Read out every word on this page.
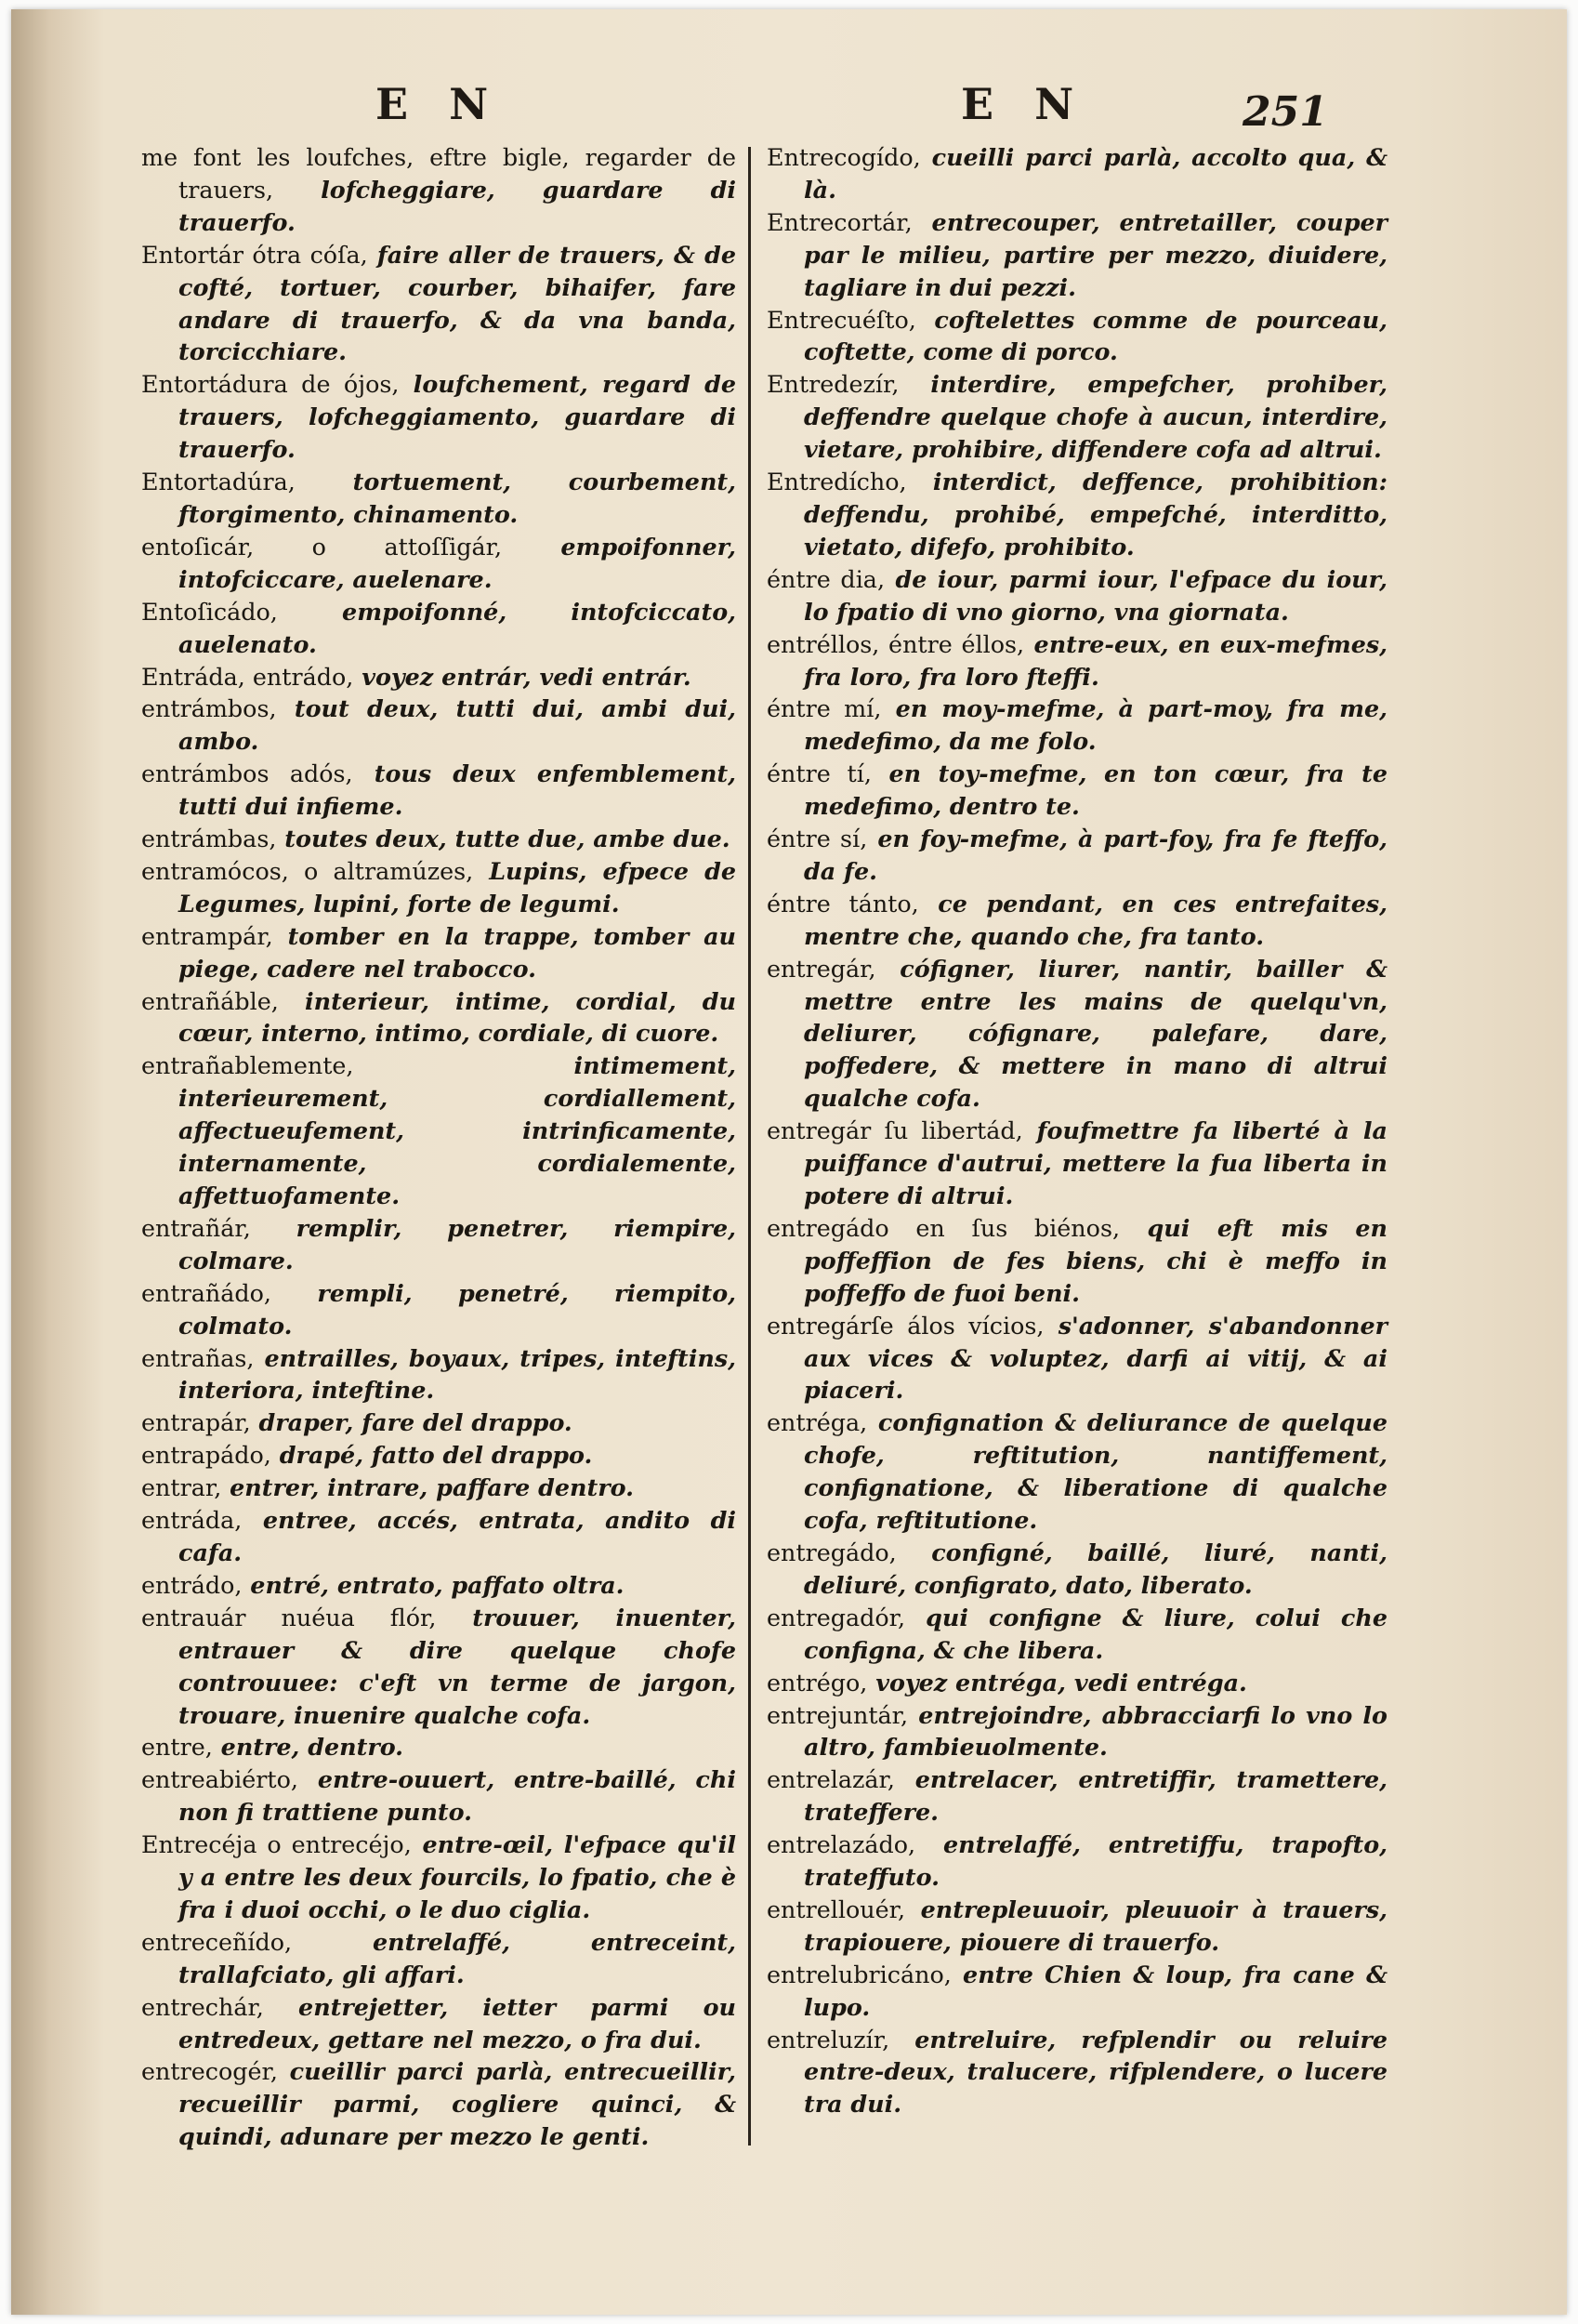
E N	E N	251
me font les loufches, eftre bigle, regarder de trauers, lofcheggiare, guardare di trauerfo.
Entortár ótra cóſa, faire aller de trauers, & de cofté, tortuer, courber, bihaifer, fare andare di trauerfo, & da vna banda, torcicchiare.
Entortádura de ójos, loufchement, regard de trauers, lofcheggiamento, guardare di trauerfo.
Entortadúra, tortuement, courbement, ftorgimento, chinamento.
entoſicár, o attoſſigár, empoifonner, intofciccare, auelenare.
Entoſicádo, empoifonné, intofciccato, auelenato.
Entráda, entrádo, voyez entrár, vedi entrár.
entrámbos, tout deux, tutti dui, ambi dui, ambo.
entrámbos adós, tous deux enfemblement, tutti dui infieme.
entrámbas, toutes deux, tutte due, ambe due.
entramócos, o altramúzes, Lupins, efpece de Legumes, lupini, forte de legumi.
entrampár, tomber en la trappe, tomber au piege, cadere nel trabocco.
entrañáble, interieur, intime, cordial, du cœur, interno, intimo, cordiale, di cuore.
entrañablemente, intimement, interieurement, cordiallement, affectueufement, intrinficamente, internamente, cordialemente, affettuofamente.
entrañár, remplir, penetrer, riempire, colmare.
entrañádo, rempli, penetré, riempito, colmato.
entrañas, entrailles, boyaux, tripes, inteftins, interiora, inteftine.
entrapár, draper, fare del drappo.
entrapádo, drapé, fatto del drappo.
entrar, entrer, intrare, paffare dentro.
entráda, entree, accés, entrata, andito di cafa.
entrádo, entré, entrato, paffato oltra.
entrauár nuéua flór, trouuer, inuenter, entrauer & dire quelque chofe controuuee: c'eft vn terme de jargon, trouare, inuenire qualche cofa.
entre, entre, dentro.
entreabiérto, entre-ouuert, entre-baillé, chi non fi trattiene punto.
Entrecéja o entrecéjo, entre-œil, l'efpace qu'il y a entre les deux fourcils, lo fpatio, che è fra i duoi occhi, o le duo ciglia.
entreceñído, entrelaffé, entreceint, trallafciato, gli affari.
entrechár, entrejetter, ietter parmi ou entredeux, gettare nel mezzo, o fra dui.
entrecogér, cueillir parci parlà, entrecueillir, recueillir parmi, cogliere quinci, & quindi, adunare per mezzo le genti.
Entrecogído, cueilli parci parlà, accolto qua, & là.
Entrecortár, entrecouper, entretailler, couper par le milieu, partire per mezzo, diuidere, tagliare in dui pezzi.
Entrecuéſto, coftelettes comme de pourceau, coftette, come di porco.
Entredezír, interdire, empefcher, prohiber, deffendre quelque chofe à aucun, interdire, vietare, prohibire, diffendere cofa ad altrui.
Entredícho, interdict, deffence, prohibition: deffendu, prohibé, empefché, interditto, vietato, difefo, prohibito.
éntre dia, de iour, parmi iour, l'efpace du iour, lo fpatio di vno giorno, vna giornata.
entréllos, éntre éllos, entre-eux, en eux-mefmes, fra loro, fra loro fteffi.
éntre mí, en moy-mefme, à part-moy, fra me, medefimo, da me folo.
éntre tí, en toy-mefme, en ton cœur, fra te medefimo, dentro te.
éntre sí, en foy-mefme, à part-foy, fra fe fteffo, da fe.
éntre tánto, ce pendant, en ces entrefaites, mentre che, quando che, fra tanto.
entregár, cófigner, liurer, nantir, bailler & mettre entre les mains de quelqu'vn, deliurer, cófignare, palefare, dare, poffedere, & mettere in mano di altrui qualche cofa.
entregár ſu libertád, foufmettre fa liberté à la puiffance d'autrui, mettere la fua liberta in potere di altrui.
entregádo en ſus biénos, qui eft mis en poffeffion de fes biens, chi è meffo in poffeffo de fuoi beni.
entregárſe álos vícios, s'adonner, s'abandonner aux vices & voluptez, darfi ai vitij, & ai piaceri.
entréga, confignation & deliurance de quelque chofe, reftitution, nantiffement, confignatione, & liberatione di qualche cofa, reftitutione.
entregádo, configné, baillé, liuré, nanti, deliuré, configrato, dato, liberato.
entregadór, qui configne & liure, colui che configna, & che libera.
entrégo, voyez entréga, vedi entréga.
entrejuntár, entrejoindre, abbracciarfi lo vno lo altro, fambieuolmente.
entrelazár, entrelacer, entretiffir, tramettere, trateffere.
entrelazádo, entrelaffé, entretiffu, trapofto, trateffuto.
entrellouér, entrepleuuoir, pleuuoir à trauers, trapiouere, piouere di trauerfo.
entrelubricáno, entre Chien & loup, fra cane & lupo.
entreluzír, entreluire, refplendir ou reluire entre-deux, tralucere, rifplendere, o lucere tra dui.
